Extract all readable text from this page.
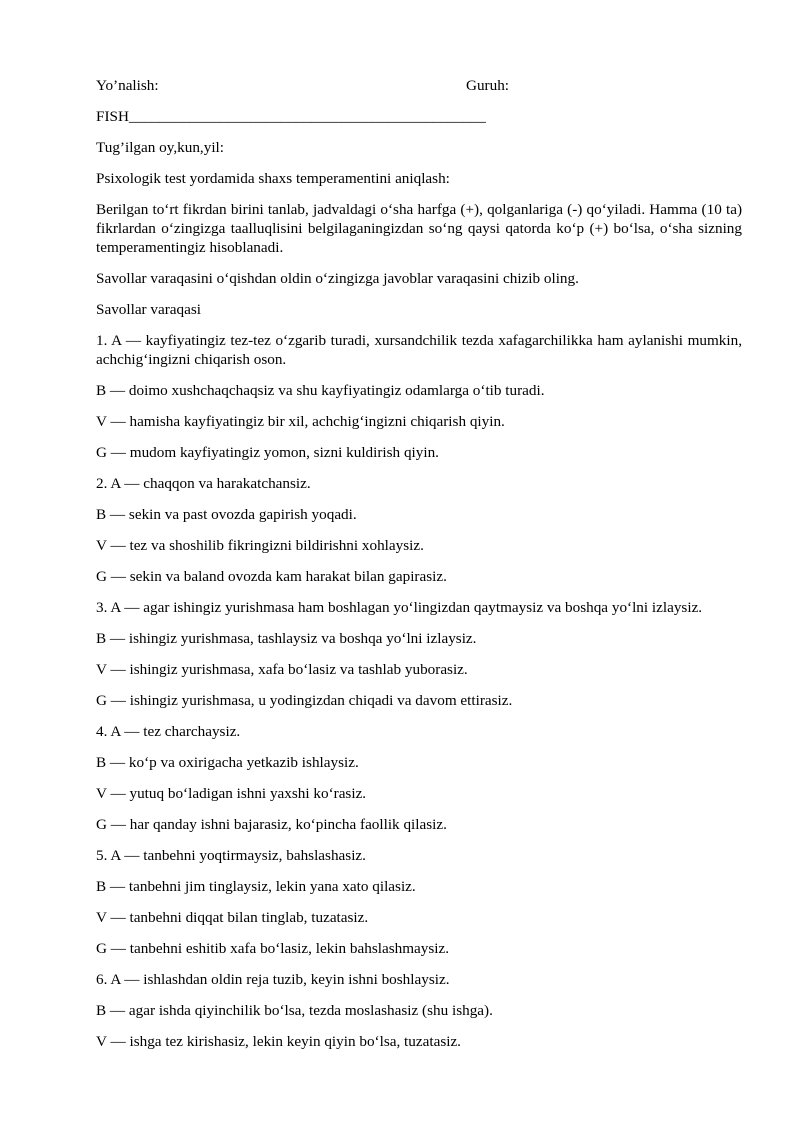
Yo’nalish:	Guruh:
FISH_______________________________________________
Tug’ilgan oy,kun,yil:
Psixologik test yordamida shaxs temperamentini aniqlash:
Berilgan to‘rt fikrdan birini tanlab, jadvaldagi o‘sha harfga (+), qolganlariga (-) qo‘yiladi. Hamma (10 ta) fikrlardan o‘zingizga taalluqlisini belgilaganingizdan so‘ng qaysi qatorda ko‘p (+) bo‘lsa, o‘sha sizning temperamentingiz hisoblanadi.
Savollar varaqasini o‘qishdan oldin o‘zingizga javoblar varaqasini chizib oling.
Savollar varaqasi
1. A — kayfiyatingiz tez-tez o‘zgarib turadi, xursandchilik tezda xafagarchilikka ham aylanishi mumkin, achchig‘ingizni chiqarish oson.
B — doimo xushchaqchaqsiz va shu kayfiyatingiz odamlarga o‘tib turadi.
V — hamisha kayfiyatingiz bir xil, achchig‘ingizni chiqarish qiyin.
G — mudom kayfiyatingiz yomon, sizni kuldirish qiyin.
2. A — chaqqon va harakatchansiz.
B — sekin va past ovozda gapirish yoqadi.
V — tez va shoshilib fikringizni bildirishni xohlaysiz.
G — sekin va baland ovozda kam harakat bilan gapirasiz.
3. A — agar ishingiz yurishmasa ham boshlagan yo‘lingizdan qaytmaysiz va boshqa yo‘lni izlaysiz.
B — ishingiz yurishmasa, tashlaysiz va boshqa yo‘lni izlaysiz.
V — ishingiz yurishmasa, xafa bo‘lasiz va tashlab yuborasiz.
G — ishingiz yurishmasa, u yodingizdan chiqadi va davom ettirasiz.
4. A — tez charchaysiz.
B — ko‘p va oxirigacha yetkazib ishlaysiz.
V — yutuq bo‘ladigan ishni yaxshi ko‘rasiz.
G — har qanday ishni bajarasiz, ko‘pincha faollik qilasiz.
5. A — tanbehni yoqtirmaysiz, bahslashasiz.
B — tanbehni jim tinglaysiz, lekin yana xato qilasiz.
V — tanbehni diqqat bilan tinglab, tuzatasiz.
G — tanbehni eshitib xafa bo‘lasiz, lekin bahslashmaysiz.
6. A — ishlashdan oldin reja tuzib, keyin ishni boshlaysiz.
B — agar ishda qiyinchilik bo‘lsa, tezda moslashasiz (shu ishga).
V — ishga tez kirishasiz, lekin keyin qiyin bo‘lsa, tuzatasiz.
